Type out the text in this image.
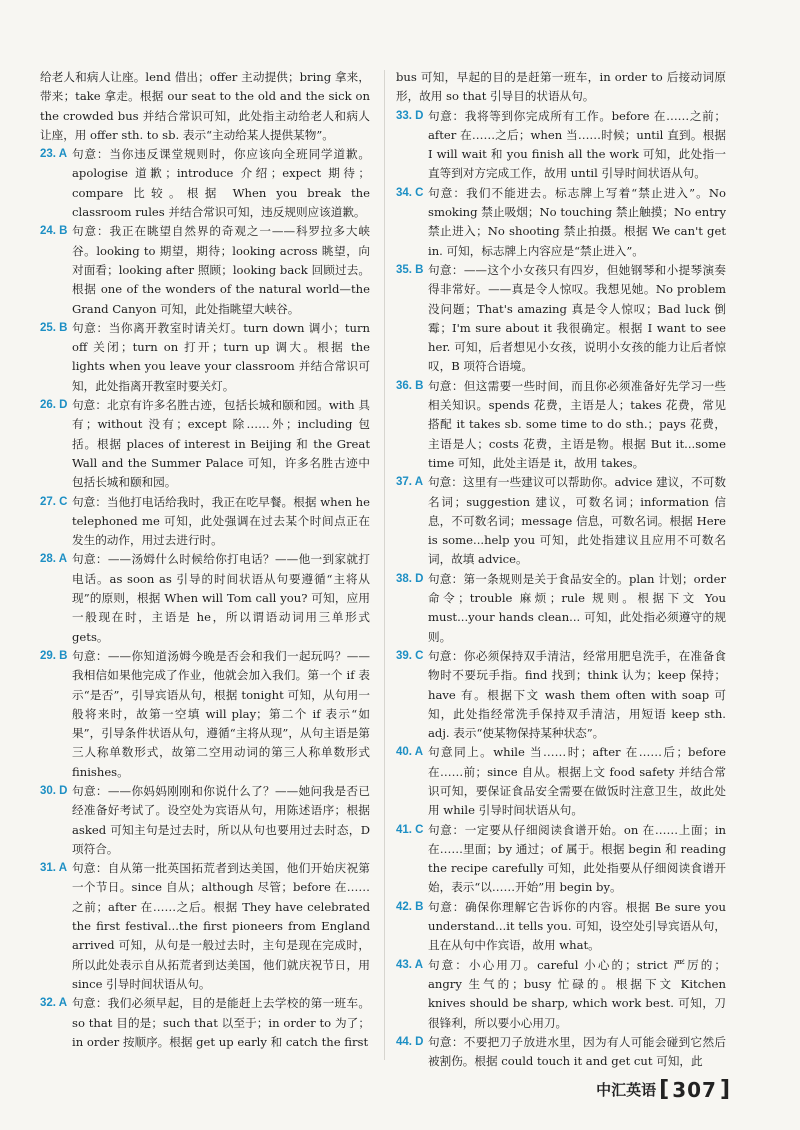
给老人和病人让座。lend 借出；offer 主动提供；bring 拿来，带来；take 拿走。根据 our seat to the old and the sick on the crowded bus 并结合常识可知，此处指主动给老人和病人让座，用 offer sth. to sb. 表示“主动给某人提供某物”。

23. A 句意：当你违反课堂规则时，你应该向全班同学道歉。apologise 道歉；introduce 介绍；expect 期待；compare 比较。根据 When you break the classroom rules 并结合常识可知，违反规则应该道歉。

24. B 句意：我正在眺望自然界的奇观之一——科罗拉多大峡谷。looking to 期望，期待；looking across 眺望，向对面看；looking after 照顾；looking back 回顾过去。根据 one of the wonders of the natural world—the Grand Canyon 可知，此处指眺望大峡谷。

25. B 句意：当你离开教室时请关灯。turn down 调小；turn off 关闭；turn on 打开；turn up 调大。根据 the lights when you leave your classroom 并结合常识可知，此处指离开教室时要关灯。

26. D 句意：北京有许多名胜古迹，包括长城和颐和园。with 具有；without 没有；except 除……外；including 包括。根据 places of interest in Beijing 和 the Great Wall and the Summer Palace 可知，许多名胜古迹中包括长城和颐和园。

27. C 句意：当他打电话给我时，我正在吃早餐。根据 when he telephoned me 可知，此处强调在过去某个时间点正在发生的动作，用过去进行时。

28. A 句意：——汤姆什么时候给你打电话？——他一到家就打电话。as soon as 引导的时间状语从句要遵循“主将从现”的原则，根据 When will Tom call you? 可知，应用一般现在时，主语是 he，所以谓语动词用三单形式 gets。

29. B 句意：——你知道汤姆今晚是否会和我们一起玩吗？——我相信如果他完成了作业，他就会加入我们。第一个 if 表示“是否”，引导宾语从句，根据 tonight 可知，从句用一般将来时，故第一空填 will play；第二个 if 表示“如果”，引导条件状语从句，遵循“主将从现”，从句主语是第三人称单数形式，故第二空用动词的第三人称单数形式 finishes。

30. D 句意：——你妈妈刚刚和你说什么了？——她问我是否已经准备好考试了。设空处为宾语从句，用陈述语序；根据 asked 可知主句是过去时，所以从句也要用过去时态，D 项符合。

31. A 句意：自从第一批英国拓荒者到达美国，他们开始庆祝第一个节日。since 自从；although 尽管；before 在……之前；after 在……之后。根据 They have celebrated the first festival...the first pioneers from England arrived 可知，从句是一般过去时，主句是现在完成时，所以此处表示自从拓荒者到达美国，他们就庆祝节日，用 since 引导时间状语从句。

32. A 句意：我们必须早起，目的是能赶上去学校的第一班车。so that 目的是；such that 以至于；in order to 为了；in order 按顺序。根据 get up early 和 catch the first

bus 可知，早起的目的是赶第一班车，in order to 后接动词原形，故用 so that 引导目的状语从句。

33. D 句意：我将等到你完成所有工作。before 在……之前；after 在……之后；when 当……时候；until 直到。根据 I will wait 和 you finish all the work 可知，此处指一直等到对方完成工作，故用 until 引导时间状语从句。

34. C 句意：我们不能进去。标志牌上写着“禁止进入”。No smoking 禁止吸烟；No touching 禁止触摸；No entry 禁止进入；No shooting 禁止拍摄。根据 We can't get in. 可知，标志牌上内容应是“禁止进入”。

35. B 句意：——这个小女孩只有四岁，但她钢琴和小提琴演奏得非常好。——真是令人惊叹。我想见她。No problem 没问题；That's amazing 真是令人惊叹；Bad luck 倒霉；I'm sure about it 我很确定。根据 I want to see her. 可知，后者想见小女孩，说明小女孩的能力让后者惊叹，B 项符合语境。

36. B 句意：但这需要一些时间，而且你必须准备好先学习一些相关知识。spends 花费，主语是人；takes 花费，常见搭配 it takes sb. some time to do sth.；pays 花费，主语是人；costs 花费，主语是物。根据 But it...some time 可知，此处主语是 it，故用 takes。

37. A 句意：这里有一些建议可以帮助你。advice 建议，不可数名词；suggestion 建议，可数名词；information 信息，不可数名词；message 信息，可数名词。根据 Here is some...help you 可知，此处指建议且应用不可数名词，故填 advice。

38. D 句意：第一条规则是关于食品安全的。plan 计划；order 命令；trouble 麻烦；rule 规则。根据下文 You must...your hands clean... 可知，此处指必须遵守的规则。

39. C 句意：你必须保持双手清洁，经常用肥皂洗手，在准备食物时不要玩手指。find 找到；think 认为；keep 保持；have 有。根据下文 wash them often with soap 可知，此处指经常洗手保持双手清洁，用短语 keep sth. adj. 表示“使某物保持某种状态”。

40. A 句意同上。while 当……时；after 在……后；before 在……前；since 自从。根据上文 food safety 并结合常识可知，要保证食品安全需要在做饭时注意卫生，故此处用 while 引导时间状语从句。

41. C 句意：一定要从仔细阅读食谱开始。on 在……上面；in 在……里面；by 通过；of 属于。根据 begin 和 reading the recipe carefully 可知，此处指要从仔细阅读食谱开始，表示“以……开始”用 begin by。

42. B 句意：确保你理解它告诉你的内容。根据 Be sure you understand...it tells you. 可知，设空处引导宾语从句，且在从句中作宾语，故用 what。

43. A 句意：小心用刀。careful 小心的；strict 严厉的；angry 生气的；busy 忙碌的。根据下文 Kitchen knives should be sharp, which work best. 可知，刀很锋利，所以要小心用刀。

44. D 句意：不要把刀子放进水里，因为有人可能会碰到它然后被割伤。根据 could touch it and get cut 可知，此

中汇英语 [ 307 ]
